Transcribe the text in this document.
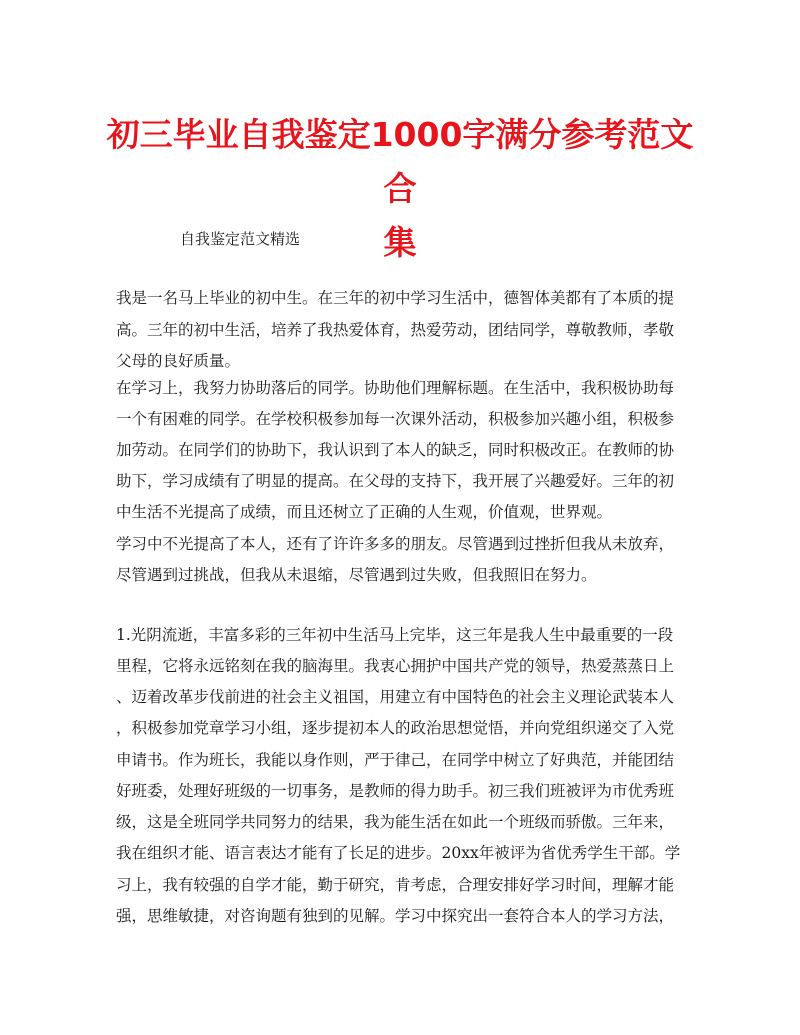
初三毕业自我鉴定1000字满分参考范文合
集
自我鉴定范文精选
我是一名马上毕业的初中生。在三年的初中学习生活中，德智体美都有了本质的提
高。三年的初中生活，培养了我热爱体育，热爱劳动，团结同学，尊敬教师，孝敬
父母的良好质量。
在学习上，我努力协助落后的同学。协助他们理解标题。在生活中，我积极协助每
一个有困难的同学。在学校积极参加每一次课外活动，积极参加兴趣小组，积极参
加劳动。在同学们的协助下，我认识到了本人的缺乏，同时积极改正。在教师的协
助下，学习成绩有了明显的提高。在父母的支持下，我开展了兴趣爱好。三年的初
中生活不光提高了成绩，而且还树立了正确的人生观，价值观，世界观。
学习中不光提高了本人，还有了许许多多的朋友。尽管遇到过挫折但我从未放弃，
尽管遇到过挑战，但我从未退缩，尽管遇到过失败，但我照旧在努力。
1.光阴流逝，丰富多彩的三年初中生活马上完毕，这三年是我人生中最重要的一段
里程，它将永远铭刻在我的脑海里。我衷心拥护中国共产党的领导，热爱蒸蒸日上
、迈着改革步伐前进的社会主义祖国，用建立有中国特色的社会主义理论武装本人
，积极参加党章学习小组，逐步提初本人的政治思想觉悟，并向党组织递交了入党
申请书。作为班长，我能以身作则，严于律己，在同学中树立了好典范，并能团结
好班委，处理好班级的一切事务，是教师的得力助手。初三我们班被评为市优秀班
级，这是全班同学共同努力的结果，我为能生活在如此一个班级而骄傲。三年来，
我在组织才能、语言表达才能有了长足的进步。20xx年被评为省优秀学生干部。学
习上，我有较强的自学才能，勤于研究，肯考虑，合理安排好学习时间，理解才能
强，思维敏捷，对咨询题有独到的见解。学习中探究出一套符合本人的学习方法，
